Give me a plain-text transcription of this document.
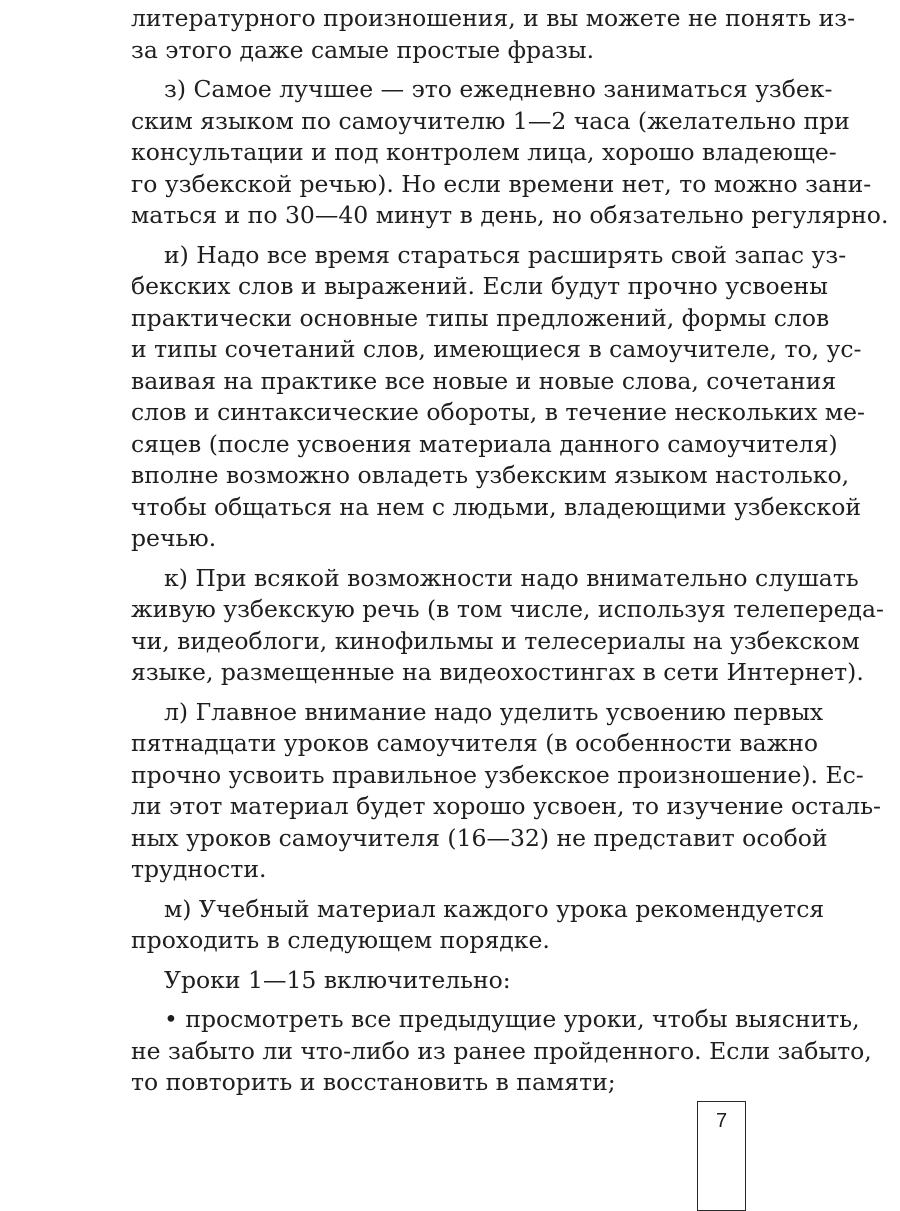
литературного произношения, и вы можете не понять из-
за этого даже самые простые фразы.
з) Самое лучшее — это ежедневно заниматься узбек-
ским языком по самоучителю 1—2 часа (желательно при
консультации и под контролем лица, хорошо владеюще-
го узбекской речью). Но если времени нет, то можно зани-
маться и по 30—40 минут в день, но обязательно регулярно.
и) Надо все время стараться расширять свой запас уз-
бекских слов и выражений. Если будут прочно усвоены
практически основные типы предложений, формы слов
и типы сочетаний слов, имеющиеся в самоучителе, то, ус-
ваивая на практике все новые и новые слова, сочетания
слов и синтаксические обороты, в течение нескольких ме-
сяцев (после усвоения материала данного самоучителя)
вполне возможно овладеть узбекским языком настолько,
чтобы общаться на нем с людьми, владеющими узбекской
речью.
к) При всякой возможности надо внимательно слушать
живую узбекскую речь (в том числе, используя телепереда-
чи, видеоблоги, кинофильмы и телесериалы на узбекском
языке, размещенные на видеохостингах в сети Интернет).
л) Главное внимание надо уделить усвоению первых
пятнадцати уроков самоучителя (в особенности важно
прочно усвоить правильное узбекское произношение). Ес-
ли этот материал будет хорошо усвоен, то изучение осталь-
ных уроков самоучителя (16—32) не представит особой
трудности.
м) Учебный материал каждого урока рекомендуется
проходить в следующем порядке.
Уроки 1—15 включительно:
• просмотреть все предыдущие уроки, чтобы выяснить,
не забыто ли что-либо из ранее пройденного. Если забыто,
то повторить и восстановить в памяти;
7
